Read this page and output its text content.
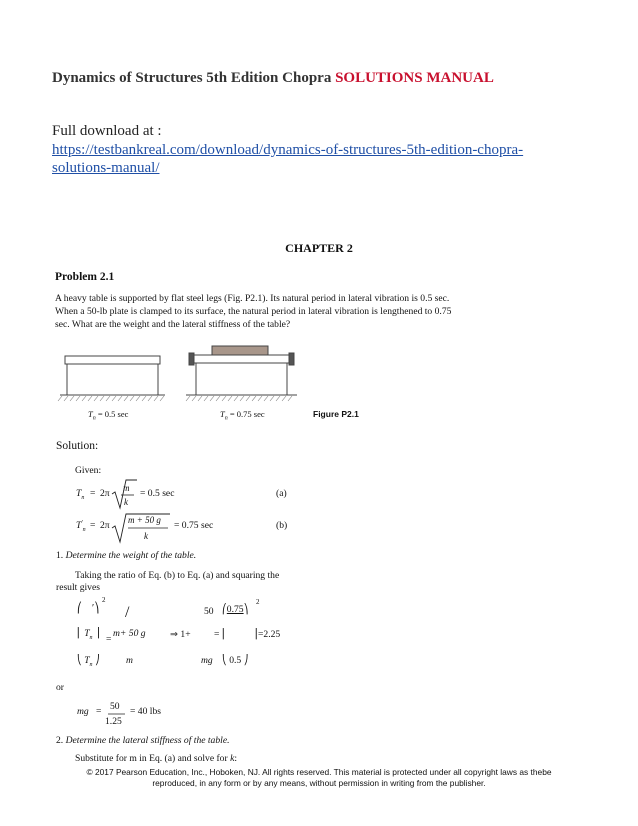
Dynamics of Structures 5th Edition Chopra SOLUTIONS MANUAL
Full download at :
https://testbankreal.com/download/dynamics-of-structures-5th-edition-chopra-
solutions-manual/
CHAPTER 2
Problem 2.1
A heavy table is supported by flat steel legs (Fig. P2.1). Its natural period in lateral vibration is 0.5 sec.
When a 50-lb plate is clamped to its surface, the natural period in lateral vibration is lengthened to 0.75
sec. What are the weight and the lateral stiffness of the table?
$T_n = 0.5$ sec	$T_n = 0.75$ sec	Figure P2.1
Solution:
Given:
$T_n = 2\pi$ m
k
= 0.5 sec	(a)
$T'_n = 2\pi$ m + 50 g
k
= 0.75 sec	(b)
1. Determine the weight of the table.
Taking the ratio of Eq. (b) to Eq. (a) and squaring the
result gives
⎛ ′⎞
2
/
⎜ $T_n$ ⎟
=
m+ 50 g
⎝ $T_n$ ⎠	m
⇒ 1+ =
50
mg
⎛0.75⎞
2
⎜	⎟ =2.25
⎝ 0.5 ⎠
or
mg = 50
1.25
= 40 lbs
2. Determine the lateral stiffness of the table.
Substitute for m in Eq. (a) and solve for k:
© 2017 Pearson Education, Inc., Hoboken, NJ. All rights reserved. This material is protected under all copyright laws as thebe
reproduced, in any form or by any means, without permission in writing from the publisher.
